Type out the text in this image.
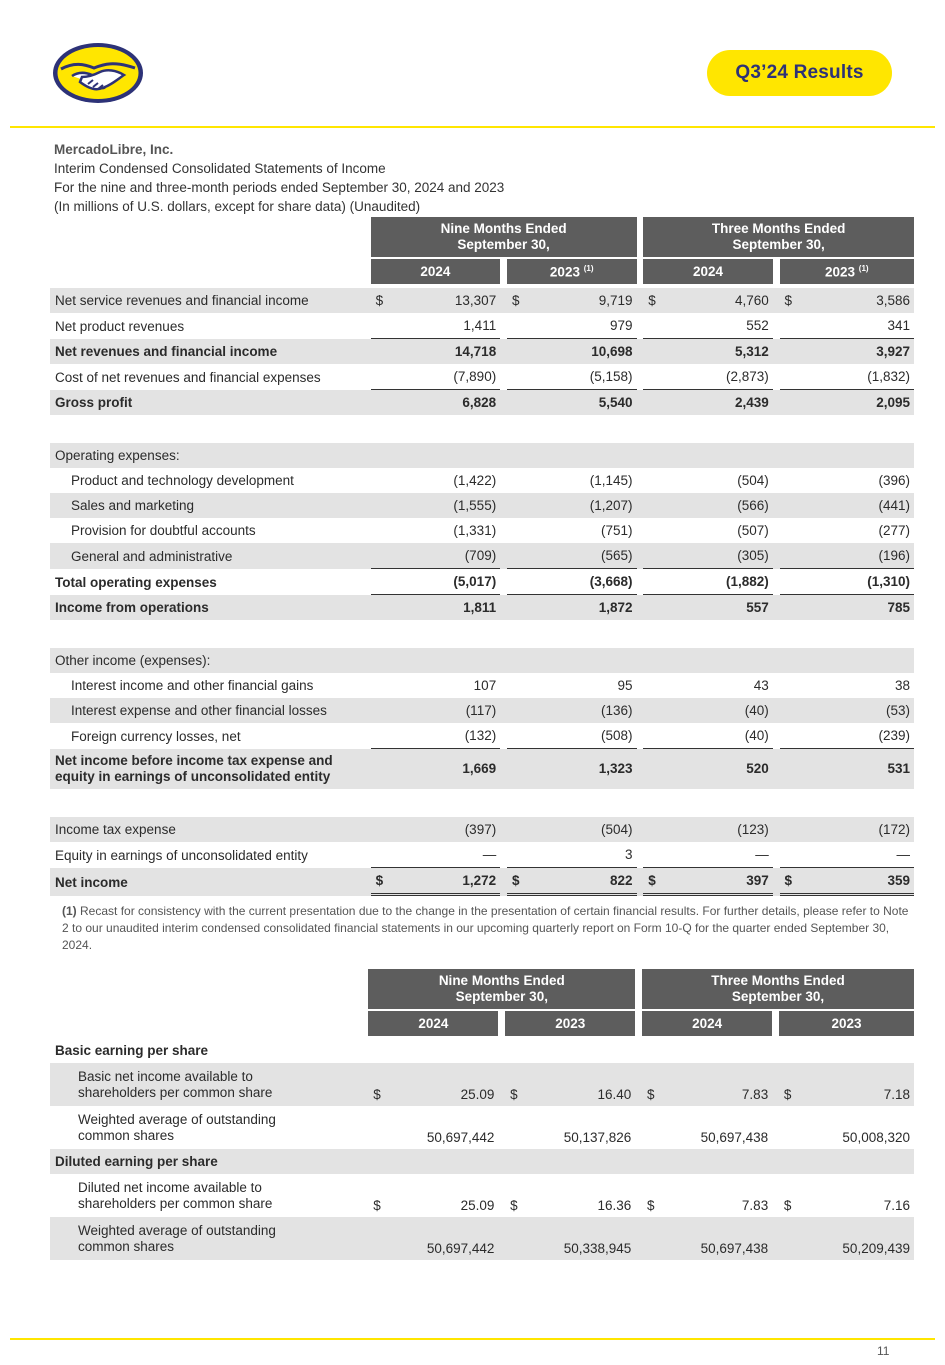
Q3’24 Results
MercadoLibre, Inc.
Interim Condensed Consolidated Statements of Income
For the nine and three-month periods ended September 30, 2024 and 2023
(In millions of U.S. dollars, except for share data) (Unaudited)
		Nine Months Ended
September 30,						Three Months Ended
September 30,				

		2024			2023 $^{(1)}$			2024			2023 $^{(1)}$

Net service revenues and financial income		$	13,307		$	9,719		$	4,760		$	3,586
Net product revenues			1,411			979			552			341
Net revenues and financial income			14,718			10,698			5,312			3,927
Cost of net revenues and financial expenses			(7,890)			(5,158)			(2,873)			(1,832)
Gross profit			6,828			5,540			2,439			2,095

Operating expenses:												
Product and technology development			(1,422)			(1,145)			(504)			(396)
Sales and marketing			(1,555)			(1,207)			(566)			(441)
Provision for doubtful accounts			(1,331)			(751)			(507)			(277)
General and administrative			(709)			(565)			(305)			(196)
Total operating expenses			(5,017)			(3,668)			(1,882)			(1,310)
Income from operations			1,811			1,872			557			785

Other income (expenses):												
Interest income and other financial gains			107			95			43			38
Interest expense and other financial losses			(117)			(136)			(40)			(53)
Foreign currency losses, net			(132)			(508)			(40)			(239)
Net income before income tax expense and
equity in earnings of unconsolidated entity			1,669			1,323			520			531

Income tax expense			(397)			(504)			(123)			(172)
Equity in earnings of unconsolidated entity			—			3			—			—
Net income		$	1,272		$	822		$	397		$	359
(1) Recast for consistency with the current presentation due to the change in the presentation of certain financial results. For further details, please refer to Note 2 to our unaudited interim condensed consolidated financial statements in our upcoming quarterly report on Form 10-Q for the quarter ended September 30, 2024.
		Nine Months Ended
September 30,						Three Months Ended
September 30,				

		2024			2023			2024			2023	

Basic earning per share												
Basic net income available to
shareholders per common share		$	25.09		$	16.40		$	7.83		$	7.18
Weighted average of outstanding
common shares			50,697,442			50,137,826			50,697,438			50,008,320
Diluted earning per share												
Diluted net income available to
shareholders per common share		$	25.09		$	16.36		$	7.83		$	7.16
Weighted average of outstanding
common shares			50,697,442			50,338,945			50,697,438			50,209,439
11
